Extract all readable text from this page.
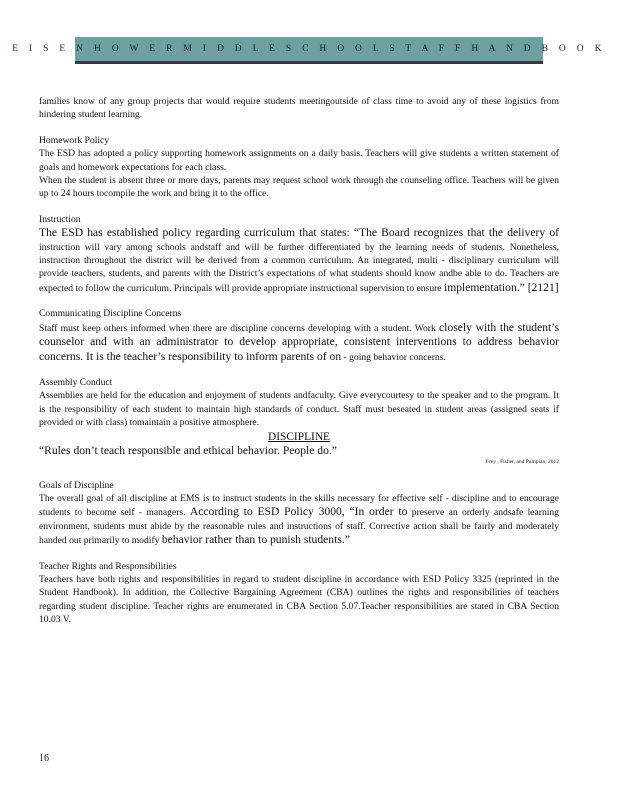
E I S E N H O W E R M I D D L E S C H O O L S T A F F H A N D B O O K

families know of any group projects that would require students meetingoutside of class time to avoid any of these logistics from hindering student learning.

Homework Policy

The ESD has adopted a policy supporting homework assignments on a daily basis. Teachers will give students a written statement of goals and homework expectations for each class.

When the student is absent three or more days, parents may request school work through the counseling office. Teachers will be given up to 24 hours tocompile the work and bring it to the office.

Instruction

The ESD has established policy regarding curriculum that states: “The Board recognizes that the delivery of instruction will vary among schools andstaff and will be further differentiated by the learning needs of students. Nonetheless, instruction throughout the district will be derived from a common curriculum. An integrated, multi - disciplinary curriculum will provide teachers, students, and parents with the District’s expectations of what students should know andbe able to do. Teachers are expected to follow the curriculum. Principals will provide appropriate instructional supervision to ensure implementation.” [2121]

Communicating Discipline Concerns

Staff must keep others informed when there are discipline concerns developing with a student. Work closely with the student’s counselor and with an administrator to develop appropriate, consistent interventions to address behavior concerns. It is the teacher’s responsibility to inform parents of on - going behavior concerns.

Assembly Conduct

Assemblies are held for the education and enjoyment of students andfaculty. Give everycourtesy to the speaker and to the program. It is the responsibility of each student to maintain high standards of conduct. Staff must beseated in student areas (assigned seats if provided or with class) tomaintain a positive atmosphere.

DISCIPLINE

“Rules don’t teach responsible and ethical behavior. People do.”

Frey , Fisher, and Pumpian, 2012

Goals of Discipline

The overall goal of all discipline at EMS is to instruct students in the skills necessary for effective self - discipline and to encourage students to become self - managers. According to ESD Policy 3000, “In order to preserve an orderly andsafe learning environment, students must abide by the reasonable rules and instructions of staff. Corrective action shall be fairly and moderately handed out primarily to modify behavior rather than to punish students.”

Teacher Rights and Responsibilities

Teachers have both rights and responsibilities in regard to student discipline in accordance with ESD Policy 3325 (reprinted in the Student Handbook). In addition, the Collective Bargaining Agreement (CBA) outlines the rights and responsibilities of teachers regarding student discipline. Teacher rights are enumerated in CBA Section 5.07.Teacher responsibilities are stated in CBA Section 10.03 V.

16
